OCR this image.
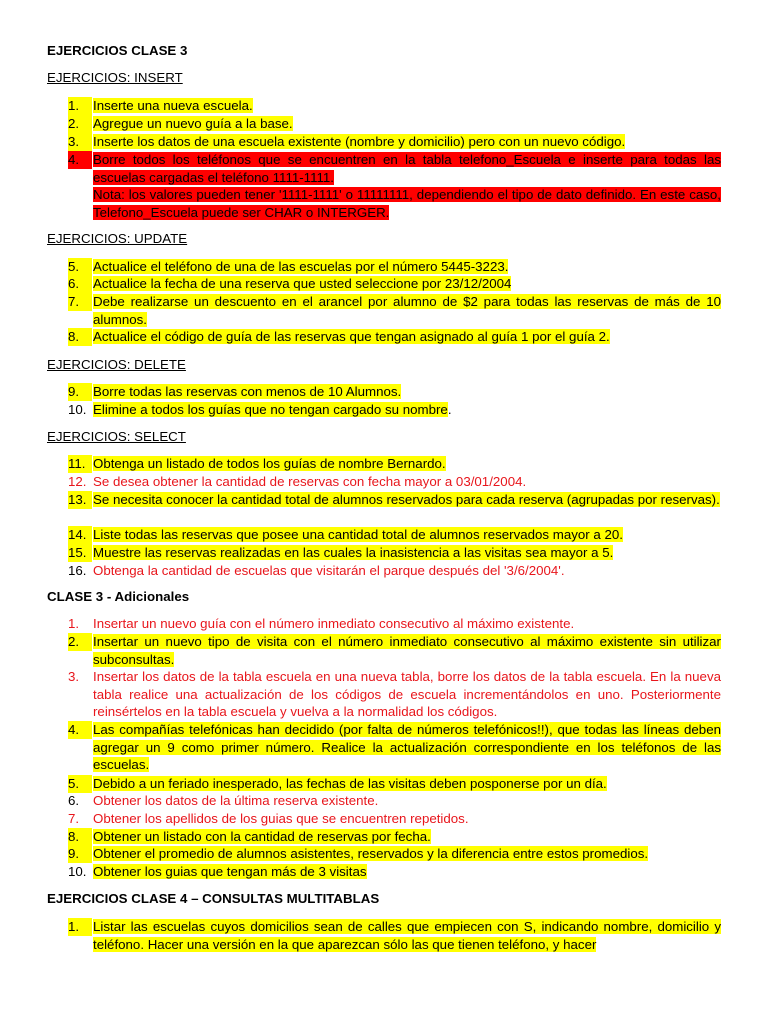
EJERCICIOS CLASE 3
EJERCICIOS: INSERT
1.	Inserte una nueva escuela.
2.	Agregue un nuevo guía a la base.
3.	Inserte los datos de una escuela existente (nombre y domicilio) pero con un nuevo código.
4.	Borre todos los teléfonos que se encuentren en la tabla telefono_Escuela e inserte para todas las escuelas cargadas el teléfono 1111-1111.
Nota: los valores pueden tener '1111-1111' o 11111111, dependiendo el tipo de dato definido. En este caso, Telefono_Escuela puede ser CHAR o INTERGER.
EJERCICIOS: UPDATE
5.	Actualice el teléfono de una de las escuelas por el número 5445-3223.
6.	Actualice la fecha de una reserva que usted seleccione por 23/12/2004
7.	Debe realizarse un descuento en el arancel por alumno de $2 para todas las reservas de más de 10 alumnos.
8.	Actualice el código de guía de las reservas que tengan asignado al guía 1 por el guía 2.
EJERCICIOS: DELETE
9.	Borre todas las reservas con menos de 10 Alumnos.
10. Elimine a todos los guías que no tengan cargado su nombre.
EJERCICIOS: SELECT
11. Obtenga un listado de todos los guías de nombre Bernardo.
12. Se desea obtener la cantidad de reservas con fecha mayor a 03/01/2004.
13. Se necesita conocer la cantidad total de alumnos reservados para cada reserva (agrupadas por reservas).
14. Liste todas las reservas que posee una cantidad total de alumnos reservados mayor a 20.
15. Muestre las reservas realizadas en las cuales la inasistencia a las visitas sea mayor a 5.
16. Obtenga la cantidad de escuelas que visitarán el parque después del '3/6/2004'.
CLASE 3 - Adicionales
1.	Insertar un nuevo guía con el número inmediato consecutivo al máximo existente.
2.	Insertar un nuevo tipo de visita con el número inmediato consecutivo al máximo existente sin utilizar subconsultas.
3.	Insertar los datos de la tabla escuela en una nueva tabla, borre los datos de la tabla escuela. En la nueva tabla realice una actualización de los códigos de escuela incrementándolos en uno. Posteriormente reinsértelos en la tabla escuela y vuelva a la normalidad los códigos.
4.	Las compañías telefónicas han decidido (por falta de números telefónicos!!), que todas las líneas deben agregar un 9 como primer número. Realice la actualización correspondiente en los teléfonos de las escuelas.
5.	Debido a un feriado inesperado, las fechas de las visitas deben posponerse por un día.
6.	Obtener los datos de la última reserva existente.
7.	Obtener los apellidos de los guias que se encuentren repetidos.
8.	Obtener un listado con la cantidad de reservas por fecha.
9.	Obtener el promedio de alumnos asistentes, reservados y la diferencia entre estos promedios.
10. Obtener los guias que tengan más de 3 visitas
EJERCICIOS CLASE 4 – CONSULTAS MULTITABLAS
1.	Listar las escuelas cuyos domicilios sean de calles que empiecen con S, indicando nombre, domicilio y teléfono. Hacer una versión en la que aparezcan sólo las que tienen teléfono, y hacer
